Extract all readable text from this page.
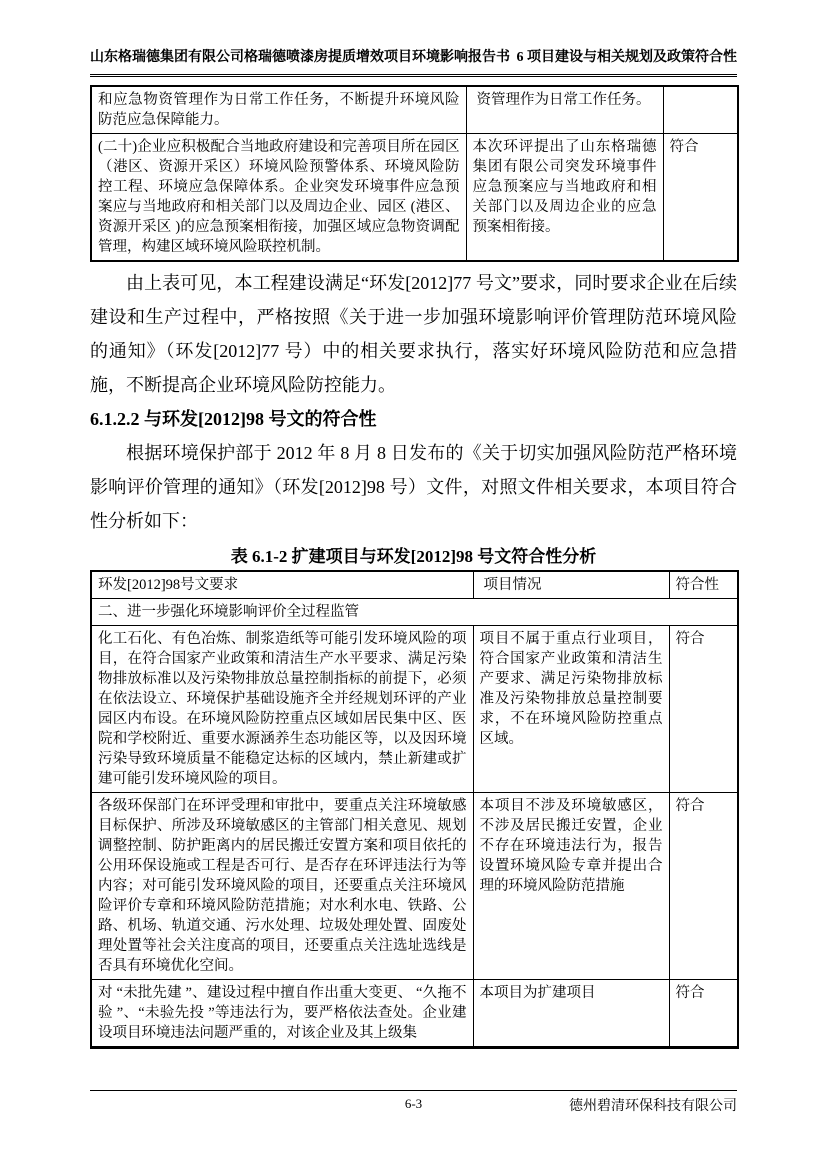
山东格瑞德集团有限公司格瑞德喷漆房提质增效项目环境影响报告书 6 项目建设与相关规划及政策符合性
和应急物资管理作为日常工作任务，不断提升环境风险防范应急保障能力。	资管理作为日常工作任务。	
(二十)企业应积极配合当地政府建设和完善项目所在园区（港区、资源开采区）环境风险预警体系、环境风险防控工程、环境应急保障体系。企业突发环境事件应急预案应与当地政府和相关部门以及周边企业、园区 (港区、资源开采区 )的应急预案相衔接，加强区域应急物资调配管理，构建区域环境风险联控机制。	本次环评提出了山东格瑞德集团有限公司突发环境事件应急预案应与当地政府和相关部门以及周边企业的应急预案相衔接。	符合

由上表可见，本工程建设满足“环发[2012]77 号文”要求，同时要求企业在后续建设和生产过程中，严格按照《关于进一步加强环境影响评价管理防范环境风险的通知》（环发[2012]77 号）中的相关要求执行，落实好环境风险防范和应急措施，不断提高企业环境风险防控能力。

6.1.2.2 与环发[2012]98 号文的符合性

根据环境保护部于 2012 年 8 月 8 日发布的《关于切实加强风险防范严格环境影响评价管理的通知》（环发[2012]98 号）文件，对照文件相关要求，本项目符合性分析如下：

表 6.1-2 扩建项目与环发[2012]98 号文符合性分析
环发[2012]98号文要求	项目情况	符合性
二、进一步强化环境影响评价全过程监管		
化工石化、有色冶炼、制浆造纸等可能引发环境风险的项目，在符合国家产业政策和清洁生产水平要求、满足污染物排放标准以及污染物排放总量控制指标的前提下，必须在依法设立、环境保护基础设施齐全并经规划环评的产业园区内布设。在环境风险防控重点区域如居民集中区、医院和学校附近、重要水源涵养生态功能区等，以及因环境污染导致环境质量不能稳定达标的区域内，禁止新建或扩建可能引发环境风险的项目。	项目不属于重点行业项目，符合国家产业政策和清洁生产要求、满足污染物排放标准及污染物排放总量控制要求，不在环境风险防控重点区域。	符合
各级环保部门在环评受理和审批中，要重点关注环境敏感目标保护、所涉及环境敏感区的主管部门相关意见、规划调整控制、防护距离内的居民搬迁安置方案和项目依托的公用环保设施或工程是否可行、是否存在环评违法行为等内容；对可能引发环境风险的项目，还要重点关注环境风险评价专章和环境风险防范措施；对水利水电、铁路、公路、机场、轨道交通、污水处理、垃圾处理处置、固废处理处置等社会关注度高的项目，还要重点关注选址选线是否具有环境优化空间。	本项目不涉及环境敏感区，不涉及居民搬迁安置，企业不存在环境违法行为，报告设置环境风险专章并提出合理的环境风险防范措施	符合
对 “未批先建 ”、建设过程中擅自作出重大变更、 “久拖不验 ”、“未验先投 ”等违法行为，要严格依法查处。企业建设项目环境违法问题严重的，对该企业及其上级集	本项目为扩建项目	符合
6-3	德州碧清环保科技有限公司
